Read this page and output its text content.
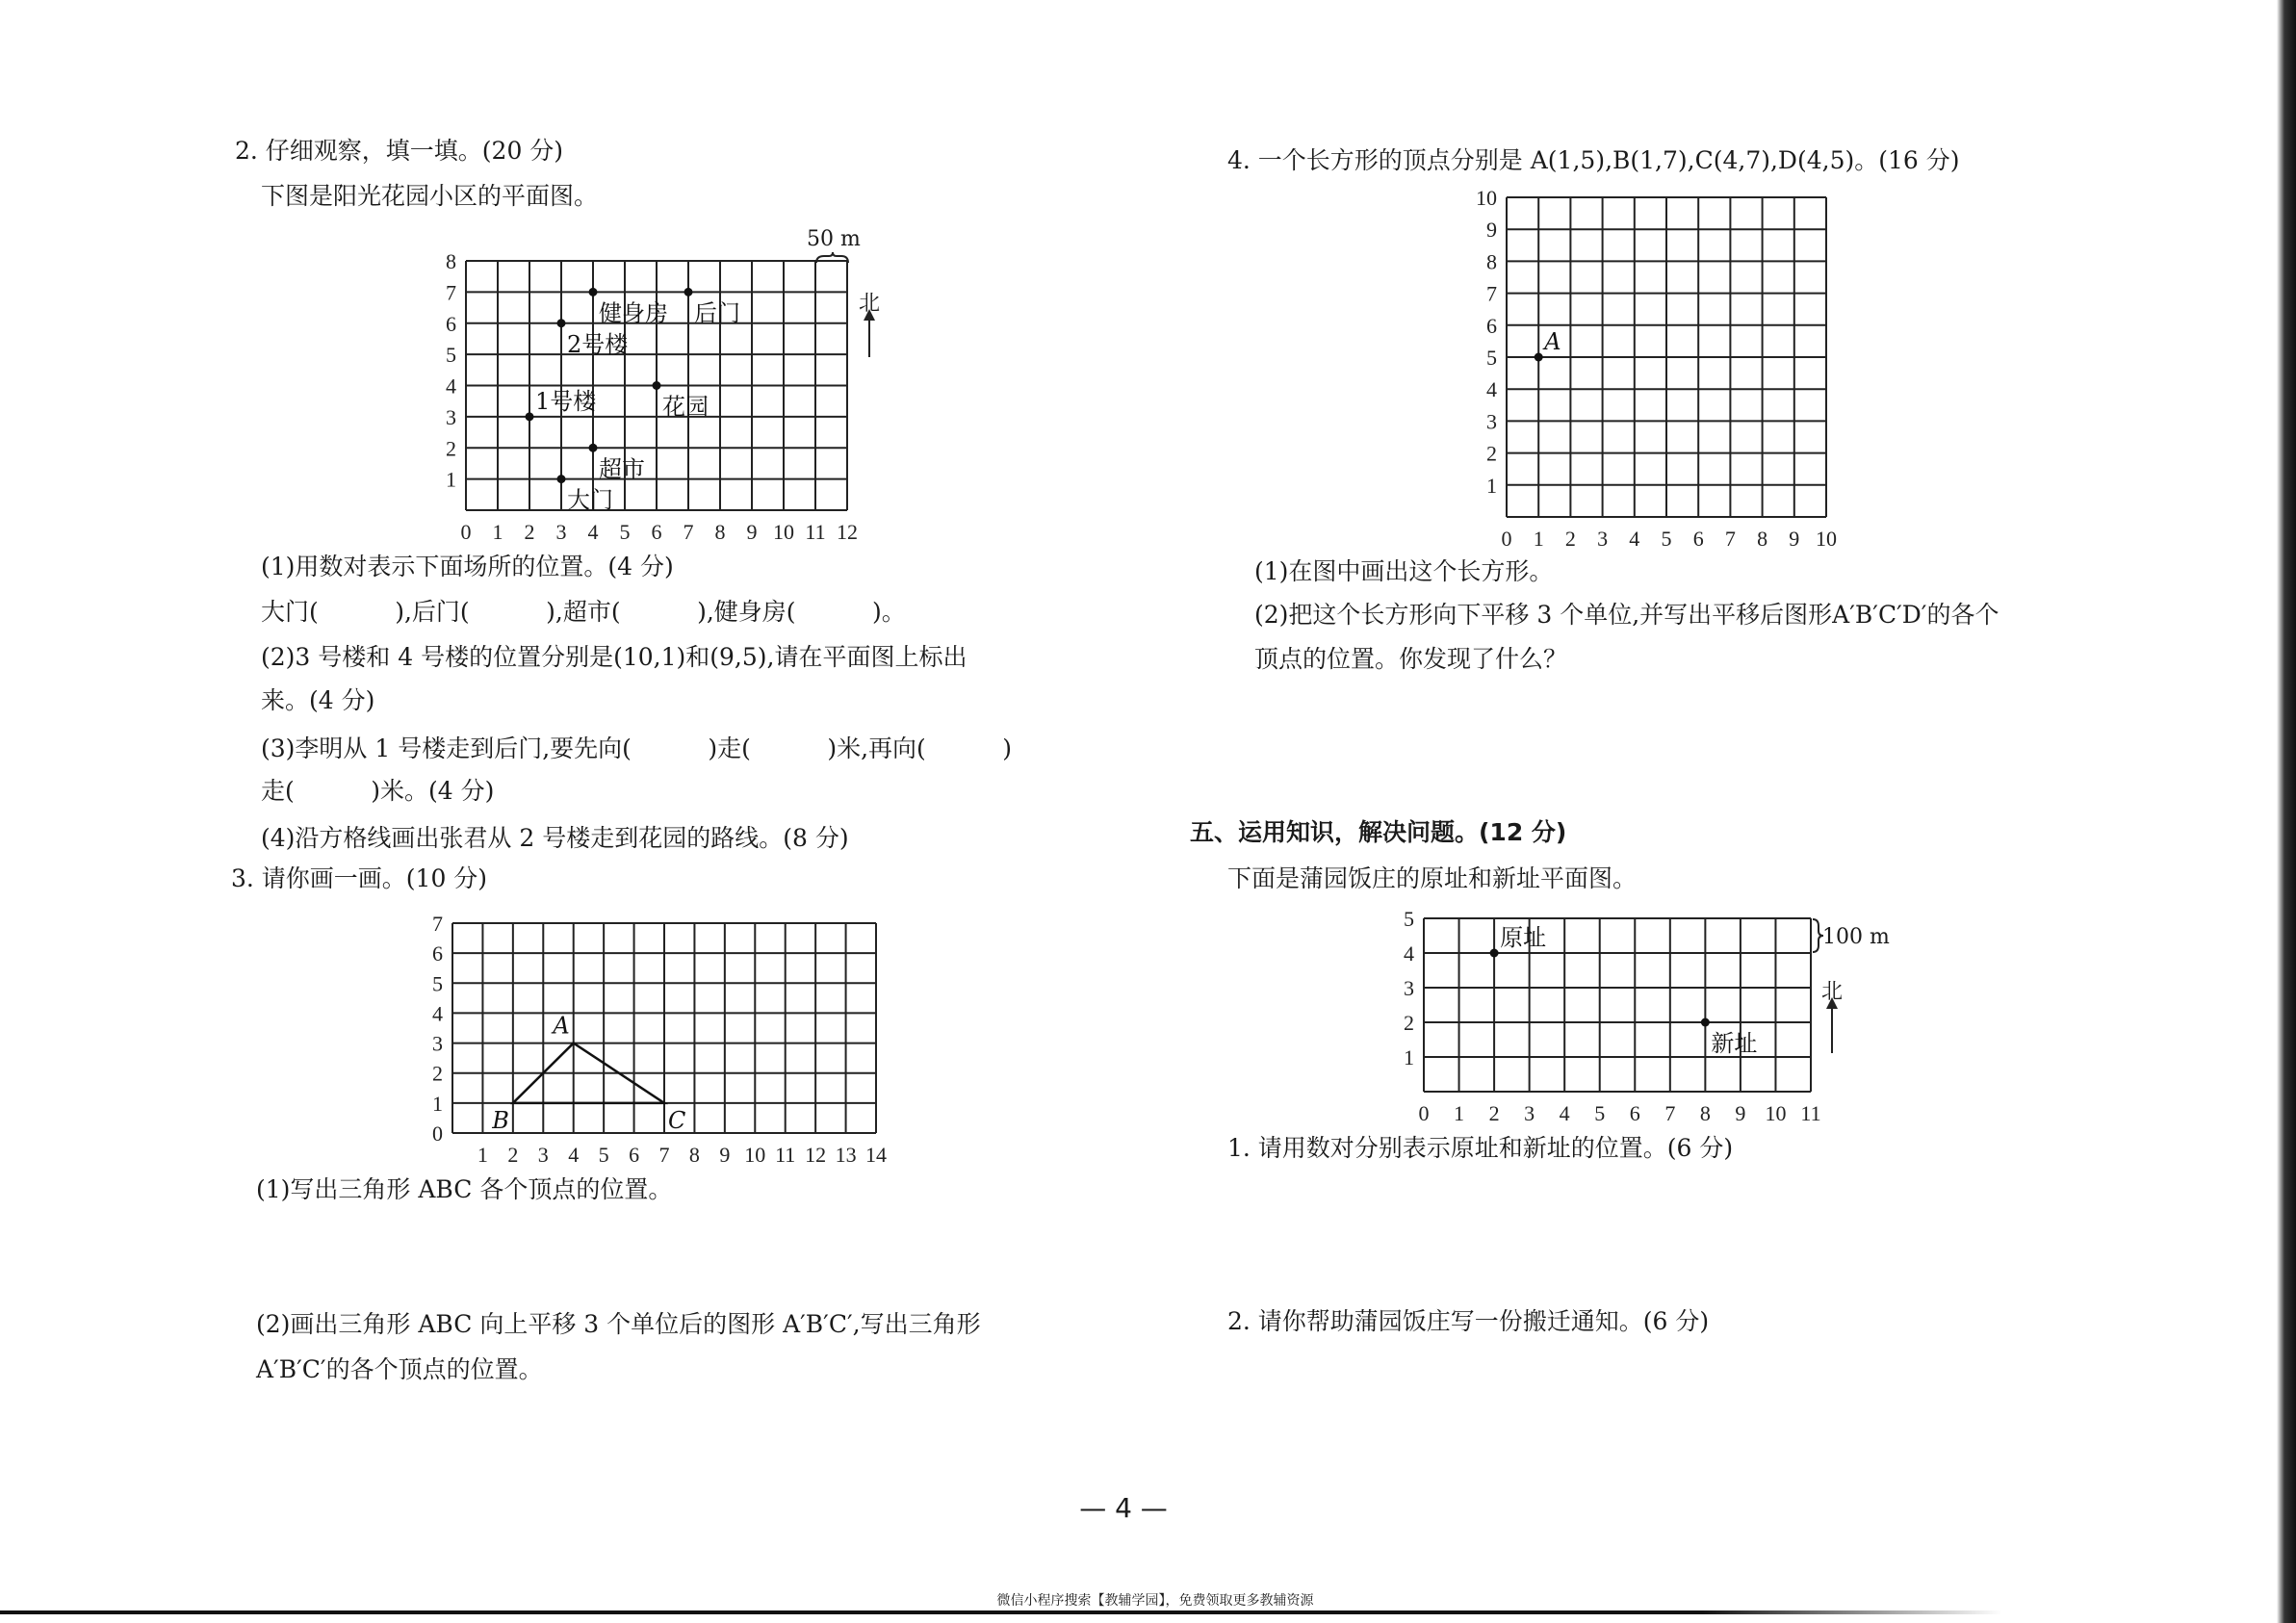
2. 仔细观察，填一填。(20 分)
下图是阳光花园小区的平面图。
0 1 2 3 4 5 6 7 8 9 10 11 12
1
2
3
4
5
6
7
8
健身房 后门
2号楼
花园
1号楼
超市
大门
50 m
北
(1)用数对表示下面场所的位置。(4 分)
大门(          ),后门(          ),超市(          ),健身房(          )。
(2)3 号楼和 4 号楼的位置分别是(10,1)和(9,5),请在平面图上标出
来。(4 分)
(3)李明从 1 号楼走到后门,要先向(          )走(          )米,再向(          )
走(          )米。(4 分)
(4)沿方格线画出张君从 2 号楼走到花园的路线。(8 分)
3. 请你画一画。(10 分)
1 2 3 4 5 6 7 8 9 10 11 12 13 14
0
1
2
3
4
5
6
7
A
B	C
(1)写出三角形 ABC 各个顶点的位置。
(2)画出三角形 ABC 向上平移 3 个单位后的图形 A′B′C′,写出三角形
A′B′C′的各个顶点的位置。
4. 一个长方形的顶点分别是 A(1,5),B(1,7),C(4,7),D(4,5)。(16 分)
0 1 2 3 4 5 6 7 8 9 10
1
2
3
4
5
6
7
8
9
10
A
(1)在图中画出这个长方形。
(2)把这个长方形向下平移 3 个单位,并写出平移后图形A′B′C′D′的各个
顶点的位置。你发现了什么？
五、运用知识，解决问题。(12 分)
下面是蒲园饭庄的原址和新址平面图。
0 1 2 3 4 5 6 7 8 9 10 11
1
2
3
4
5
原址
新址
100 m
北
1. 请用数对分别表示原址和新址的位置。(6 分)
2. 请你帮助蒲园饭庄写一份搬迁通知。(6 分)
— 4 —
微信小程序搜索【教辅学园】，免费领取更多教辅资源
